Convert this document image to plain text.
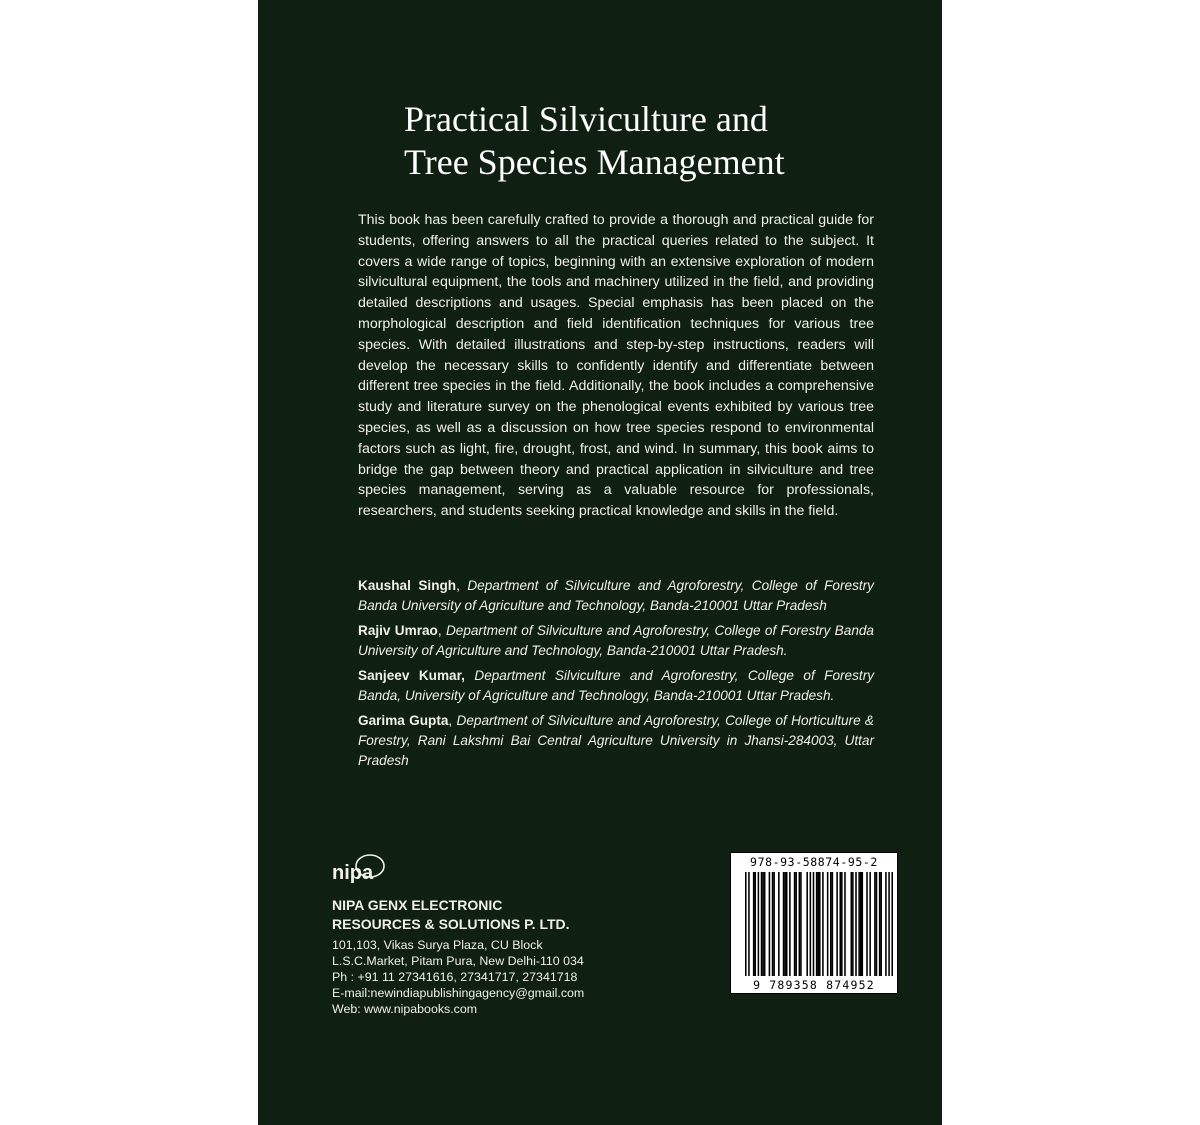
Practical Silviculture and
Tree Species Management

This book has been carefully crafted to provide a thorough and practical guide for students, offering answers to all the practical queries related to the subject. It covers a wide range of topics, beginning with an extensive exploration of modern silvicultural equipment, the tools and machinery utilized in the field, and providing detailed descriptions and usages. Special emphasis has been placed on the morphological description and field identification techniques for various tree species. With detailed illustrations and step-by-step instructions, readers will develop the necessary skills to confidently identify and differentiate between different tree species in the field. Additionally, the book includes a comprehensive study and literature survey on the phenological events exhibited by various tree species, as well as a discussion on how tree species respond to environmental factors such as light, fire, drought, frost, and wind. In summary, this book aims to bridge the gap between theory and practical application in silviculture and tree species management, serving as a valuable resource for professionals, researchers, and students seeking practical knowledge and skills in the field.

Kaushal Singh, Department of Silviculture and Agroforestry, College of Forestry Banda University of Agriculture and Technology, Banda-210001 Uttar Pradesh

Rajiv Umrao, Department of Silviculture and Agroforestry, College of Forestry Banda University of Agriculture and Technology, Banda-210001 Uttar Pradesh.

Sanjeev Kumar, Department Silviculture and Agroforestry, College of Forestry Banda, University of Agriculture and Technology, Banda-210001 Uttar Pradesh.

Garima Gupta, Department of Silviculture and Agroforestry, College of Horticulture & Forestry, Rani Lakshmi Bai Central Agriculture University in Jhansi-284003, Uttar Pradesh

nipa

NIPA GENX ELECTRONIC
RESOURCES & SOLUTIONS P. LTD.

101,103, Vikas Surya Plaza, CU Block
L.S.C.Market, Pitam Pura, New Delhi-110 034
Ph : +91 11 27341616, 27341717, 27341718
E-mail:newindiapublishingagency@gmail.com
Web: www.nipabooks.com
978-93-58874-95-2
9 789358 874952
